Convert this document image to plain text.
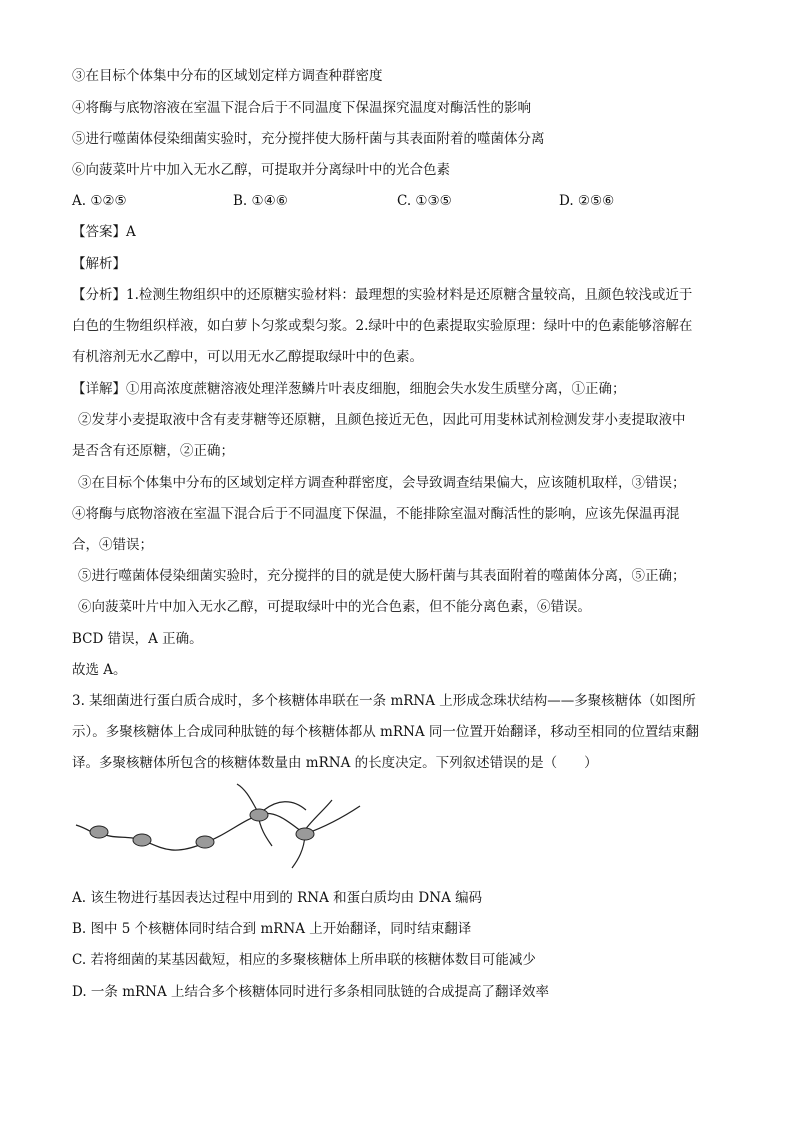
③在目标个体集中分布的区域划定样方调查种群密度
④将酶与底物溶液在室温下混合后于不同温度下保温探究温度对酶活性的影响
⑤进行噬菌体侵染细菌实验时，充分搅拌使大肠杆菌与其表面附着的噬菌体分离
⑥向菠菜叶片中加入无水乙醇，可提取并分离绿叶中的光合色素
A. ①②⑤	B. ①④⑥	C. ①③⑤	D. ②⑤⑥
【答案】A
【解析】
【分析】1.检测生物组织中的还原糖实验材料：最理想的实验材料是还原糖含量较高，且颜色较浅或近于
白色的生物组织样液，如白萝卜匀浆或梨匀浆。2.绿叶中的色素提取实验原理：绿叶中的色素能够溶解在
有机溶剂无水乙醇中，可以用无水乙醇提取绿叶中的色素。
【详解】①用高浓度蔗糖溶液处理洋葱鳞片叶表皮细胞，细胞会失水发生质壁分离，①正确；
②发芽小麦提取液中含有麦芽糖等还原糖，且颜色接近无色，因此可用斐林试剂检测发芽小麦提取液中
是否含有还原糖，②正确；
③在目标个体集中分布的区域划定样方调查种群密度，会导致调查结果偏大，应该随机取样，③错误；
④将酶与底物溶液在室温下混合后于不同温度下保温，不能排除室温对酶活性的影响，应该先保温再混
合，④错误；
⑤进行噬菌体侵染细菌实验时，充分搅拌的目的就是使大肠杆菌与其表面附着的噬菌体分离，⑤正确；
⑥向菠菜叶片中加入无水乙醇，可提取绿叶中的光合色素，但不能分离色素，⑥错误。
BCD 错误，A 正确。
故选 A。
3. 某细菌进行蛋白质合成时，多个核糖体串联在一条 mRNA 上形成念珠状结构——多聚核糖体（如图所
示）。多聚核糖体上合成同种肽链的每个核糖体都从 mRNA 同一位置开始翻译，移动至相同的位置结束翻
译。多聚核糖体所包含的核糖体数量由 mRNA 的长度决定。下列叙述错误的是（　　）
A. 该生物进行基因表达过程中用到的 RNA 和蛋白质均由 DNA 编码
B. 图中 5 个核糖体同时结合到 mRNA 上开始翻译，同时结束翻译
C. 若将细菌的某基因截短，相应的多聚核糖体上所串联的核糖体数目可能减少
D. 一条 mRNA 上结合多个核糖体同时进行多条相同肽链的合成提高了翻译效率
